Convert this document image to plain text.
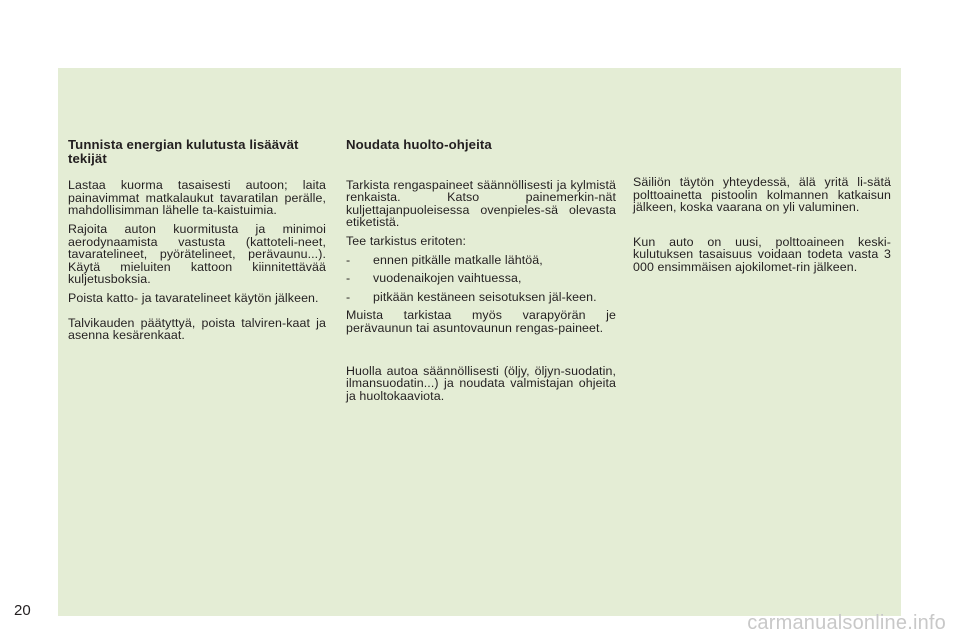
Tunnista energian kulutusta lisäävät tekijät
Lastaa kuorma tasaisesti autoon; laita painavimmat matkalaukut tavaratilan perälle, mahdollisimman lähelle ta-kaistuimia.
Rajoita auton kuormitusta ja minimoi aerodynaamista vastusta (kattoteli-neet, tavaratelineet, pyörätelineet, perävaunu...). Käytä mieluiten kattoon kiinnitettävää kuljetusboksia.
Poista katto- ja tavaratelineet käytön jälkeen.
Talvikauden päätyttyä, poista talviren-kaat ja asenna kesärenkaat.
Noudata huolto-ohjeita
Tarkista rengaspaineet säännöllisesti ja kylmistä renkaista. Katso painemerkin-nät kuljettajanpuoleisessa ovenpieles-sä olevasta etiketistä.
Tee tarkistus eritoten:
- ennen pitkälle matkalle lähtöä,
- vuodenaikojen vaihtuessa,
- pitkään kestäneen seisotuksen jäl-keen.
Muista tarkistaa myös varapyörän je perävaunun tai asuntovaunun rengas-paineet.
Huolla autoa säännöllisesti (öljy, öljyn-suodatin, ilmansuodatin...) ja noudata valmistajan ohjeita ja huoltokaaviota.
Säiliön täytön yhteydessä, älä yritä li-sätä polttoainetta pistoolin kolmannen katkaisun jälkeen, koska vaarana on yli valuminen.
Kun auto on uusi, polttoaineen keski-kulutuksen tasaisuus voidaan todeta vasta 3 000 ensimmäisen ajokilomet-rin jälkeen.
20
carmanualsonline.info
